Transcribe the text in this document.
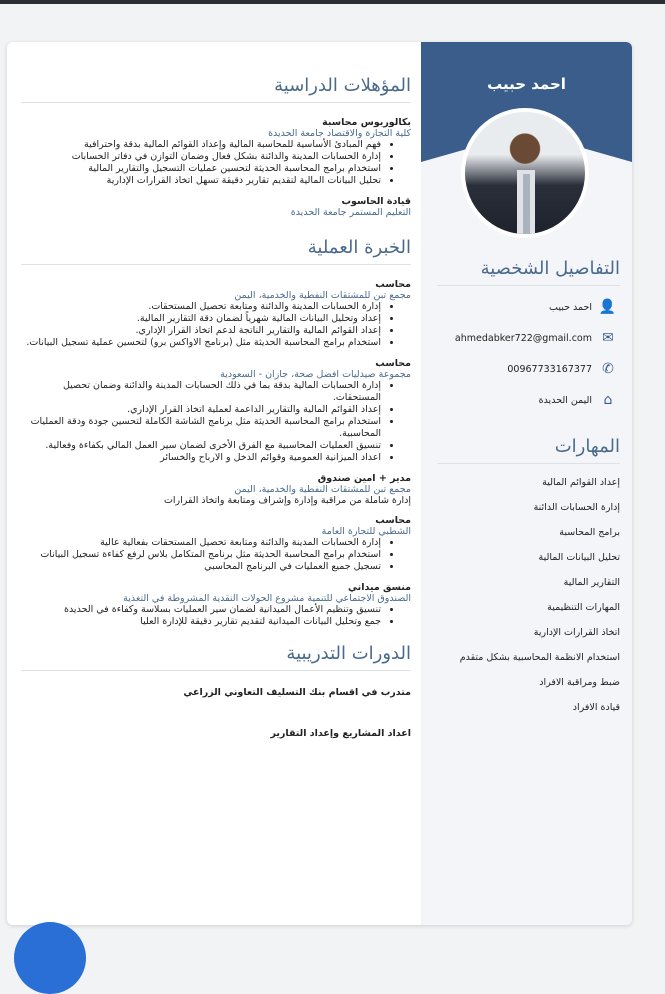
احمد حبيب
التفاصيل الشخصية
👤
احمد حبيب
✉
ahmedabker722@gmail.com
✆
00967733167377
⌂
اليمن الحديدة
المهارات
إعداد القوائم المالية
إدارة الحسابات الدائنة
برامج المحاسبة
تحليل البيانات المالية
التقارير المالية
المهارات التنظيمية
اتخاذ القرارات الإدارية
استخدام الانظمة المحاسبية بشكل متقدم
ضبط ومراقبة الافراد
قيادة الافراد
المؤهلات الدراسية
بكالوريوس محاسبة
كلية التجارة والاقتصاد جامعة الحديدة
• فهم المبادئ الأساسية للمحاسبة المالية وإعداد القوائم المالية بدقة واحترافية
• إدارة الحسابات المدينة والدائنة بشكل فعال وضمان التوازن في دفاتر الحسابات
• استخدام برامج المحاسبة الحديثة لتحسين عمليات التسجيل والتقارير المالية
• تحليل البيانات المالية لتقديم تقارير دقيقة تسهل اتخاذ القرارات الإدارية
قيادة الحاسوب
التعليم المستمر جامعة الحديدة
الخبرة العملية
محاسب
مجمع تبن للمشتقات النفطية والخدمية، اليمن
• إدارة الحسابات المدينة والدائنة ومتابعة تحصيل المستحقات.
• إعداد وتحليل البيانات المالية شهرياً لضمان دقة التقارير المالية.
• إعداد القوائم المالية والتقارير الناتجة لدعم اتخاذ القرار الإداري.
• استخدام برامج المحاسبة الحديثة مثل (برنامج الاواكس برو) لتحسين عملية تسجيل البيانات.
محاسب
مجموعة صيدليات افضل صحة، جازان - السعودية
• إدارة الحسابات المالية بدقة بما في ذلك الحسابات المدينة والدائنة وضمان تحصيل المستحقات.
• إعداد القوائم المالية والتقارير الداعمة لعملية اتخاذ القرار الإداري.
• استخدام برامج المحاسبة الحديثة مثل برنامج الشاشة الكاملة لتحسين جودة ودقة العمليات المحاسبية.
• تنسيق العمليات المحاسبية مع الفرق الأخرى لضمان سير العمل المالي بكفاءة وفعالية.
• اعداد الميزانية العمومية وقوائم الدخل و الارباح والخسائر
مدير + امين صندوق
مجمع تبن للمشتقات النفطية والخدمية، اليمن
إدارة شاملة من مراقبة وإدارة وإشراف ومتابعة واتخاذ القرارات
محاسب
الشطبي للتجارة العامة
• إدارة الحسابات المدينة والدائنة ومتابعة تحصيل المستحقات بفعالية عالية
• استخدام برامج المحاسبة الحديثة مثل برنامج المتكامل بلاس لرفع كفاءة تسجيل البيانات
• تسجيل جميع العمليات في البرنامج المحاسبي
منسق ميداني
الصندوق الاجتماعي للتنمية مشروع الحولات النقدية المشروطة في التغذية
• تنسيق وتنظيم الأعمال الميدانية لضمان سير العمليات بسلاسة وكفاءة في الحديدة
• جمع وتحليل البيانات الميدانية لتقديم تقارير دقيقة للإدارة العليا
الدورات التدريبية
متدرب في اقسام بنك التسليف التعاوني الزراعي
اعداد المشاريع وإعداد التقارير
